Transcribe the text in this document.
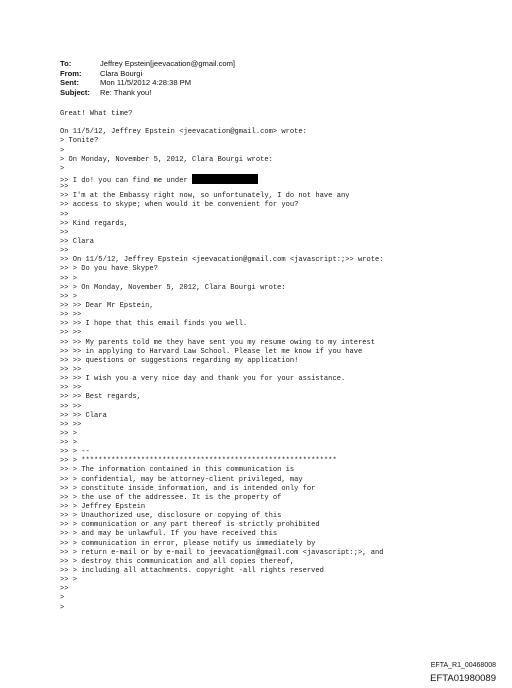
To:	Jeffrey Epstein[jeevacation@gmail.com]
From:	Clara Bourgi
Sent:	Mon 11/5/2012 4:28:38 PM
Subject:	Re: Thank you!
Great! What time?
On 11/5/12, Jeffrey Epstein <jeevacation@gmail.com> wrote:
> Tonite?
>
> On Monday, November 5, 2012, Clara Bourgi wrote:
>
>> I do! you can find me under
>>
>> I'm at the Embassy right now, so unfortunately, I do not have any
>> access to skype; when would it be convenient for you?
>>
>> Kind regards,
>>
>> Clara
>>
>> On 11/5/12, Jeffrey Epstein <jeevacation@gmail.com <javascript:;>> wrote:
>> > Do you have Skype?
>> >
>> > On Monday, November 5, 2012, Clara Bourgi wrote:
>> >
>> >> Dear Mr Epstein,
>> >>
>> >> I hope that this email finds you well.
>> >>
>> >> My parents told me they have sent you my resume owing to my interest
>> >> in applying to Harvard Law School. Please let me know if you have
>> >> questions or suggestions regarding my application!
>> >>
>> >> I wish you a very nice day and thank you for your assistance.
>> >>
>> >> Best regards,
>> >>
>> >> Clara
>> >>
>> >
>> >
>> > --
>> > ************************************************************
>> > The information contained in this communication is
>> > confidential, may be attorney-client privileged, may
>> > constitute inside information, and is intended only for
>> > the use of the addressee. It is the property of
>> > Jeffrey Epstein
>> > Unauthorized use, disclosure or copying of this
>> > communication or any part thereof is strictly prohibited
>> > and may be unlawful. If you have received this
>> > communication in error, please notify us immediately by
>> > return e-mail or by e-mail to jeevacation@gmail.com <javascript:;>, and
>> > destroy this communication and all copies thereof,
>> > including all attachments. copyright -all rights reserved
>> >
>>
>
>
EFTA_R1_00468008
EFTA01980089
